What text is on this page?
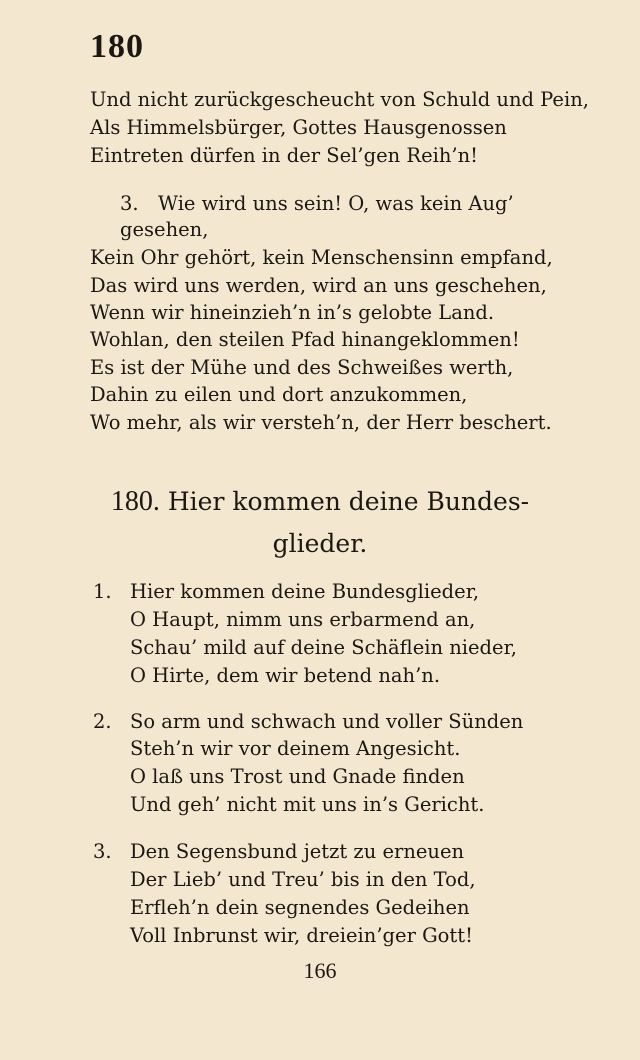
180
Und nicht zurückgescheucht von Schuld und Pein,
Als Himmelsbürger, Gottes Hausgenossen
Eintreten dürfen in der Sel’gen Reih’n!
3. Wie wird uns sein! O, was kein Aug’
gesehen,
Kein Ohr gehört, kein Menschensinn empfand,
Das wird uns werden, wird an uns geschehen,
Wenn wir hineinzieh’n in’s gelobte Land.
Wohlan, den steilen Pfad hinangeklommen!
Es ist der Mühe und des Schweißes werth,
Dahin zu eilen und dort anzukommen,
Wo mehr, als wir versteh’n, der Herr beschert.
180. Hier kommen deine Bundes-
glieder.
1. Hier kommen deine Bundesglieder,
O Haupt, nimm uns erbarmend an,
Schau’ mild auf deine Schäflein nieder,
O Hirte, dem wir betend nah’n.
2. So arm und schwach und voller Sünden
Steh’n wir vor deinem Angesicht.
O laß uns Trost und Gnade finden
Und geh’ nicht mit uns in’s Gericht.
3. Den Segensbund jetzt zu erneuen
Der Lieb’ und Treu’ bis in den Tod,
Erfleh’n dein segnendes Gedeihen
Voll Inbrunst wir, dreiein’ger Gott!
166
